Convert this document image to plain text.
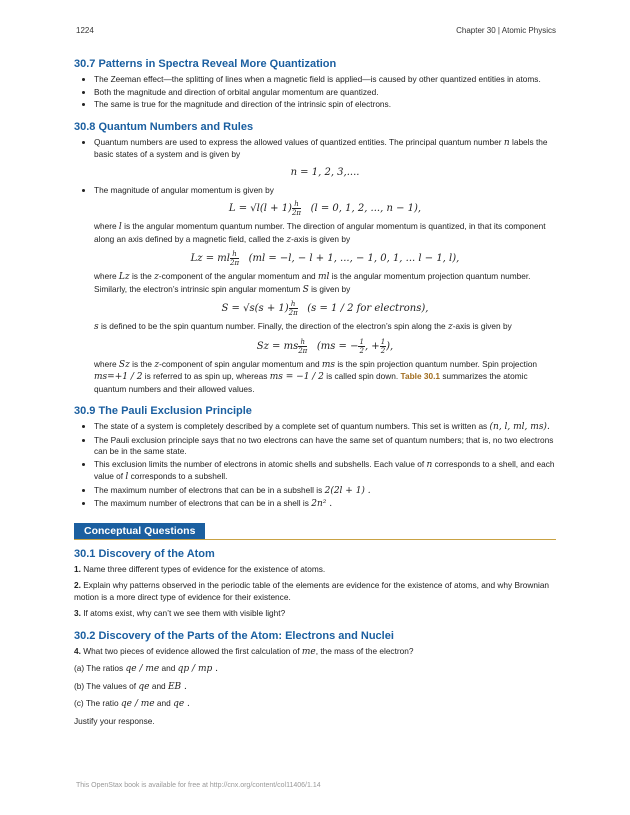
1224	Chapter 30 | Atomic Physics
30.7 Patterns in Spectra Reveal More Quantization
• The Zeeman effect—the splitting of lines when a magnetic field is applied—is caused by other quantized entities in atoms.
• Both the magnitude and direction of orbital angular momentum are quantized.
• The same is true for the magnitude and direction of the intrinsic spin of electrons.
30.8 Quantum Numbers and Rules
• Quantum numbers are used to express the allowed values of quantized entities. The principal quantum number n labels the basic states of a system and is given by
n = 1, 2, 3,....
• The magnitude of angular momentum is given by
$L = √l(l + 1) \frac{h}{2\pi} (l = 0$, 1, 2, ..., n − 1),

where l is the angular momentum quantum number. The direction of angular momentum is quantized, in that its component along an axis defined by a magnetic field, called the z-axis is given by

Lz = ml $\frac{h}{2\pi} (ml = -l$, − l + 1, ..., − 1, 0, 1, ... l − 1, l),

where Lz is the z-component of the angular momentum and ml is the angular momentum projection quantum number. Similarly, the electron’s intrinsic spin angular momentum S is given by

$S = √s(s + 1) \frac{h}{2\pi} (s = 1 / 2$ for electrons),

s is defined to be the spin quantum number. Finally, the direction of the electron’s spin along the z-axis is given by

Sz = ms $\frac{h}{2\pi} (ms$ = − $\frac{1}{2}$ , + $\frac{1}{2}$ ),

where Sz is the z-component of spin angular momentum and ms is the spin projection quantum number. Spin projection ms=+1 / 2 is referred to as spin up, whereas ms = −1 / 2 is called spin down. Table 30.1 summarizes the atomic quantum numbers and their allowed values.

30.9 The Pauli Exclusion Principle
• The state of a system is completely described by a complete set of quantum numbers. This set is written as (n, l, ml, ms).
• The Pauli exclusion principle says that no two electrons can have the same set of quantum numbers; that is, no two electrons can be in the same state.
• This exclusion limits the number of electrons in atomic shells and subshells. Each value of n corresponds to a shell, and each value of l corresponds to a subshell.
• The maximum number of electrons that can be in a subshell is 2(2l + 1) .
• The maximum number of electrons that can be in a shell is 2n² .
Conceptual Questions
30.1 Discovery of the Atom

1. Name three different types of evidence for the existence of atoms.

2. Explain why patterns observed in the periodic table of the elements are evidence for the existence of atoms, and why Brownian motion is a more direct type of evidence for their existence.

3. If atoms exist, why can’t we see them with visible light?

30.2 Discovery of the Parts of the Atom: Electrons and Nuclei

4. What two pieces of evidence allowed the first calculation of me, the mass of the electron?

(a) The ratios qe / me and qp / mp .

(b) The values of qe and EB .

(c) The ratio qe / me and qe .

Justify your response.

This OpenStax book is available for free at http://cnx.org/content/col11406/1.14
